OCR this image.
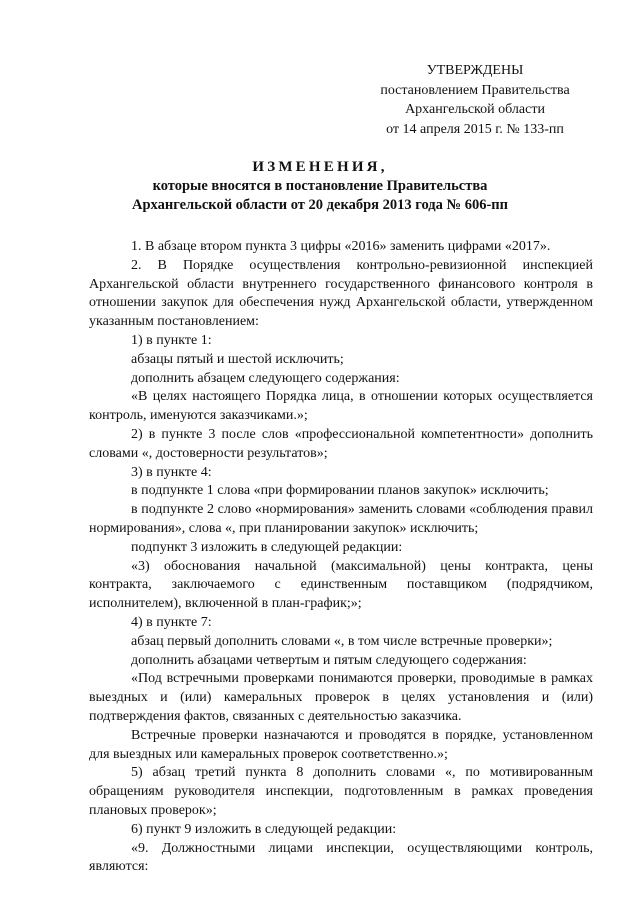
УТВЕРЖДЕНЫ
постановлением Правительства
Архангельской области
от 14 апреля 2015 г. № 133-пп
ИЗМЕНЕНИЯ,
которые вносятся в постановление Правительства
Архангельской области от 20 декабря 2013 года № 606-пп

1. В абзаце втором пункта 3 цифры «2016» заменить цифрами «2017».

2. В Порядке осуществления контрольно-ревизионной инспекцией Архангельской области внутреннего государственного финансового контроля в отношении закупок для обеспечения нужд Архангельской области, утвержденном указанным постановлением:

1) в пункте 1:

абзацы пятый и шестой исключить;

дополнить абзацем следующего содержания:

«В целях настоящего Порядка лица, в отношении которых осуществляется контроль, именуются заказчиками.»;

2) в пункте 3 после слов «профессиональной компетентности» дополнить словами «, достоверности результатов»;

3) в пункте 4:

в подпункте 1 слова «при формировании планов закупок» исключить;

в подпункте 2 слово «нормирования» заменить словами «соблюдения правил нормирования», слова «, при планировании закупок» исключить;

подпункт 3 изложить в следующей редакции:

«3) обоснования начальной (максимальной) цены контракта, цены контракта, заключаемого с единственным поставщиком (подрядчиком, исполнителем), включенной в план-график;»;

4) в пункте 7:

абзац первый дополнить словами «, в том числе встречные проверки»;

дополнить абзацами четвертым и пятым следующего содержания:

«Под встречными проверками понимаются проверки, проводимые в рамках выездных и (или) камеральных проверок в целях установления и (или) подтверждения фактов, связанных с деятельностью заказчика.

Встречные проверки назначаются и проводятся в порядке, установленном для выездных или камеральных проверок соответственно.»;

5) абзац третий пункта 8 дополнить словами «, по мотивированным обращениям руководителя инспекции, подготовленным в рамках проведения плановых проверок»;

6) пункт 9 изложить в следующей редакции:

«9. Должностными лицами инспекции, осуществляющими контроль, являются:
